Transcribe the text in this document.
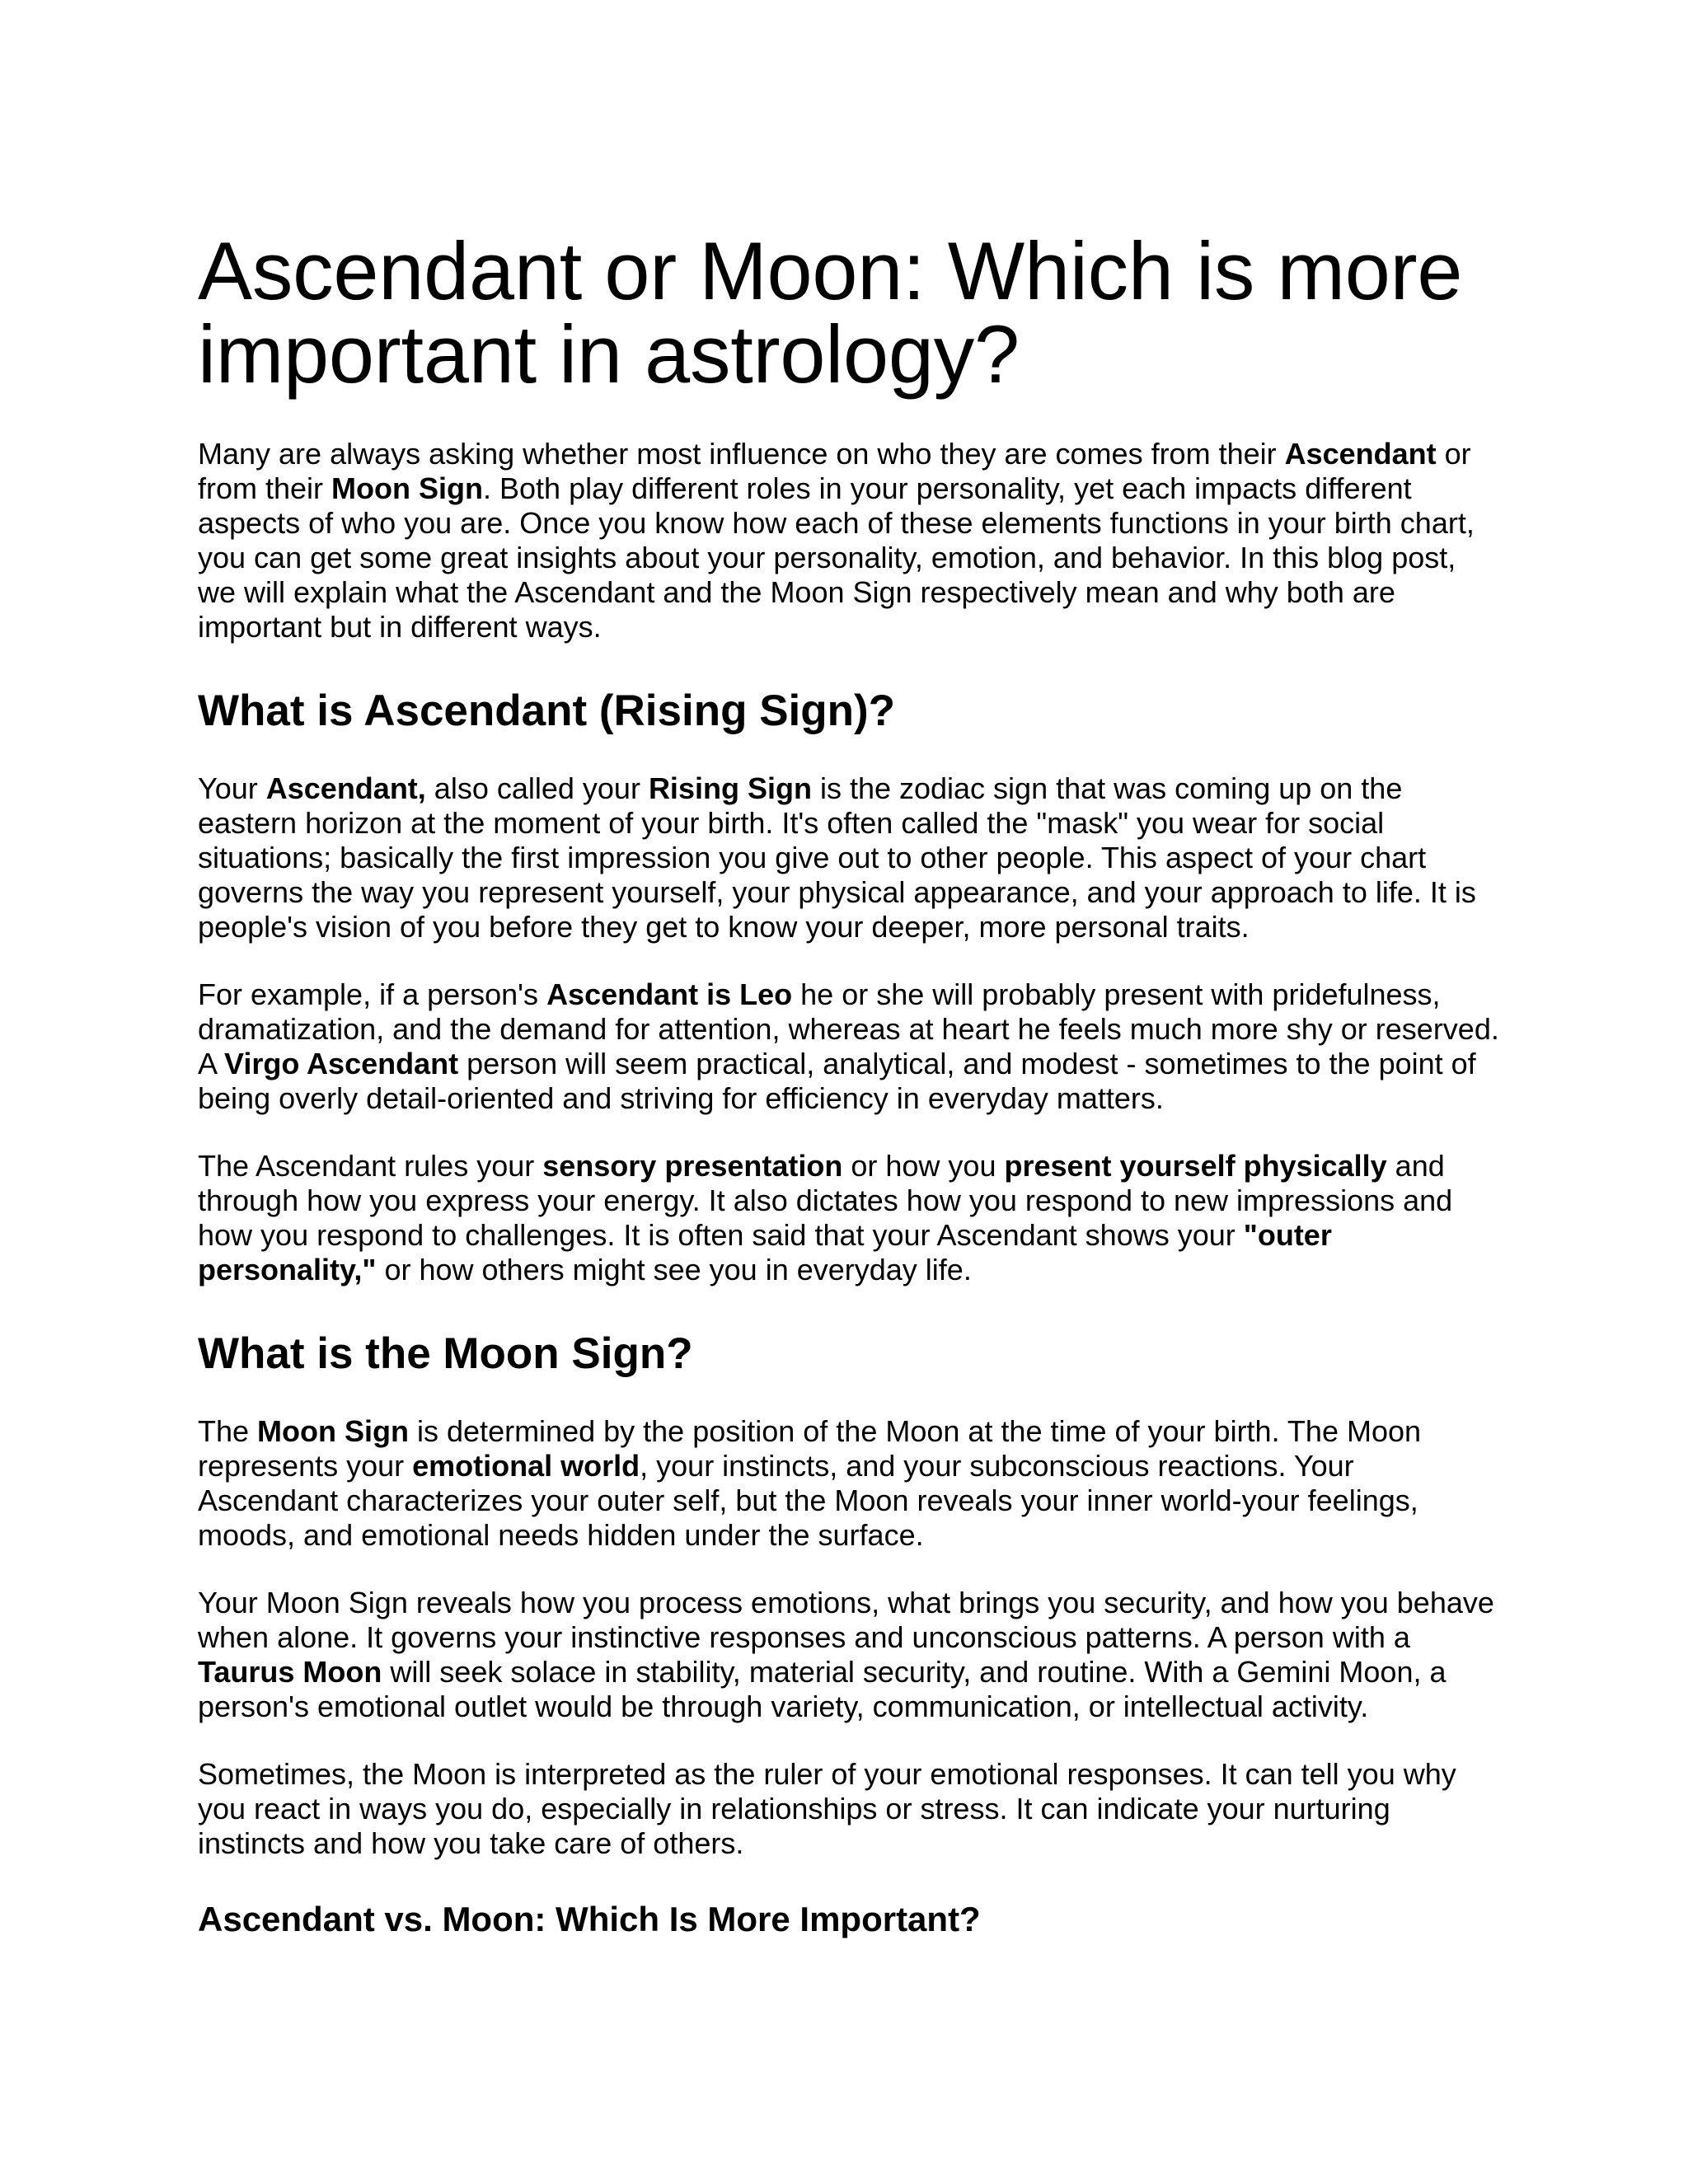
Ascendant or Moon: Which is more important in astrology?

Many are always asking whether most influence on who they are comes from their Ascendant or from their Moon Sign. Both play different roles in your personality, yet each impacts different aspects of who you are. Once you know how each of these elements functions in your birth chart, you can get some great insights about your personality, emotion, and behavior. In this blog post, we will explain what the Ascendant and the Moon Sign respectively mean and why both are important but in different ways.

What is Ascendant (Rising Sign)?

Your Ascendant, also called your Rising Sign is the zodiac sign that was coming up on the eastern horizon at the moment of your birth. It's often called the "mask" you wear for social situations; basically the first impression you give out to other people. This aspect of your chart governs the way you represent yourself, your physical appearance, and your approach to life. It is people's vision of you before they get to know your deeper, more personal traits.

For example, if a person's Ascendant is Leo he or she will probably present with pridefulness, dramatization, and the demand for attention, whereas at heart he feels much more shy or reserved. A Virgo Ascendant person will seem practical, analytical, and modest - sometimes to the point of being overly detail-oriented and striving for efficiency in everyday matters.

The Ascendant rules your sensory presentation or how you present yourself physically and through how you express your energy. It also dictates how you respond to new impressions and how you respond to challenges. It is often said that your Ascendant shows your "outer personality," or how others might see you in everyday life.

What is the Moon Sign?

The Moon Sign is determined by the position of the Moon at the time of your birth. The Moon represents your emotional world, your instincts, and your subconscious reactions. Your Ascendant characterizes your outer self, but the Moon reveals your inner world-your feelings, moods, and emotional needs hidden under the surface.

Your Moon Sign reveals how you process emotions, what brings you security, and how you behave when alone. It governs your instinctive responses and unconscious patterns. A person with a Taurus Moon will seek solace in stability, material security, and routine. With a Gemini Moon, a person's emotional outlet would be through variety, communication, or intellectual activity.

Sometimes, the Moon is interpreted as the ruler of your emotional responses. It can tell you why you react in ways you do, especially in relationships or stress. It can indicate your nurturing instincts and how you take care of others.

Ascendant vs. Moon: Which Is More Important?
